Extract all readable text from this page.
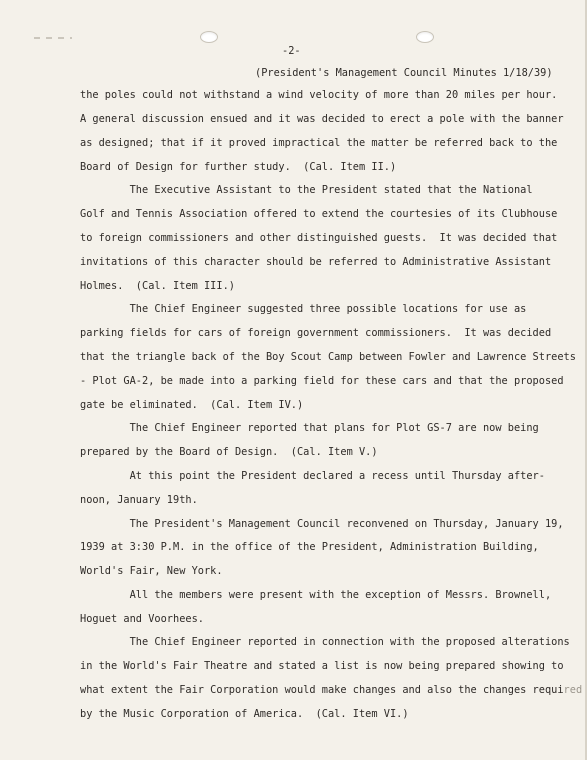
-2-
(President's Management Council Minutes 1/18/39)
the poles could not withstand a wind velocity of more than 20 miles per hour.
A general discussion ensued and it was decided to erect a pole with the banner
as designed; that if it proved impractical the matter be referred back to the
Board of Design for further study.  (Cal. Item II.)
The Executive Assistant to the President stated that the National
Golf and Tennis Association offered to extend the courtesies of its Clubhouse
to foreign commissioners and other distinguished guests.  It was decided that
invitations of this character should be referred to Administrative Assistant
Holmes.  (Cal. Item III.)
The Chief Engineer suggested three possible locations for use as
parking fields for cars of foreign government commissioners.  It was decided
that the triangle back of the Boy Scout Camp between Fowler and Lawrence Streets
- Plot GA-2, be made into a parking field for these cars and that the proposed
gate be eliminated.  (Cal. Item IV.)
The Chief Engineer reported that plans for Plot GS-7 are now being
prepared by the Board of Design.  (Cal. Item V.)
At this point the President declared a recess until Thursday after-
noon, January 19th.
The President's Management Council reconvened on Thursday, January 19,
1939 at 3:30 P.M. in the office of the President, Administration Building,
World's Fair, New York.
All the members were present with the exception of Messrs. Brownell,
Hoguet and Voorhees.
The Chief Engineer reported in connection with the proposed alterations
in the World's Fair Theatre and stated a list is now being prepared showing to
what extent the Fair Corporation would make changes and also the changes required
by the Music Corporation of America.  (Cal. Item VI.)
